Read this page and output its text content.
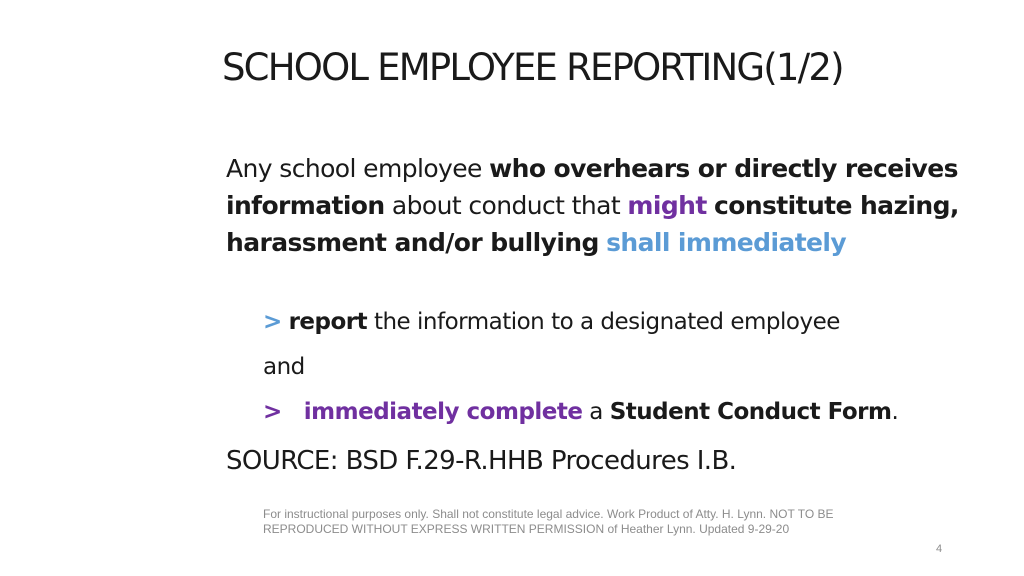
SCHOOL EMPLOYEE REPORTING(1/2)
Any school employee who overhears or directly receives information about conduct that might constitute hazing, harassment and/or bullying shall immediately
> report the information to a designated employee
and
> immediately complete a Student Conduct Form.
SOURCE: BSD F.29-R.HHB Procedures I.B.
For instructional purposes only. Shall not constitute legal advice. Work Product of Atty. H. Lynn. NOT TO BE REPRODUCED WITHOUT EXPRESS WRITTEN PERMISSION of Heather Lynn. Updated 9-29-20
4
